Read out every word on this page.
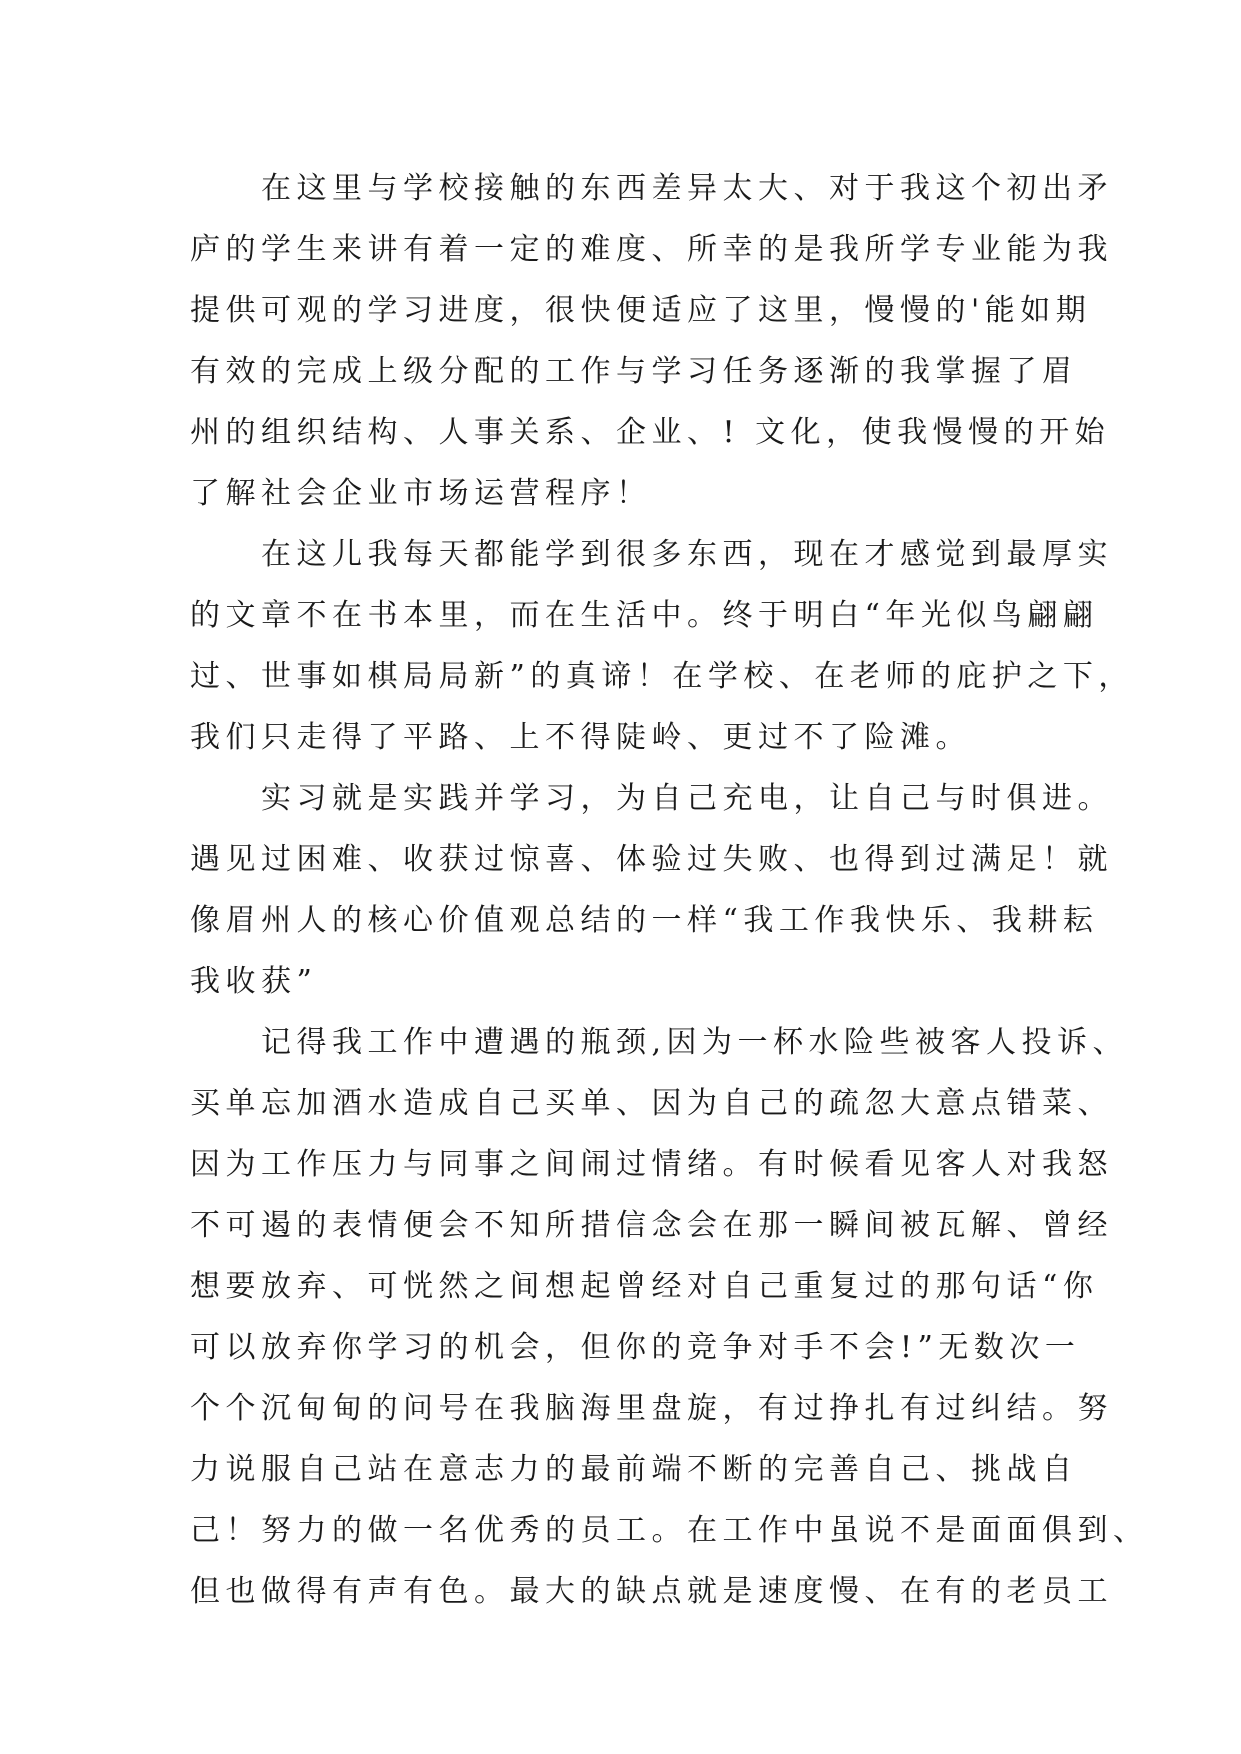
　　在这里与学校接触的东西差异太大、对于我这个初出矛
庐的学生来讲有着一定的难度、所幸的是我所学专业能为我
提供可观的学习进度，很快便适应了这里，慢慢的'能如期
有效的完成上级分配的工作与学习任务逐渐的我掌握了眉
州的组织结构、人事关系、企业、! 文化，使我慢慢的开始
了解社会企业市场运营程序！
　　在这儿我每天都能学到很多东西，现在才感觉到最厚实
的文章不在书本里，而在生活中。终于明白“年光似鸟翩翩
过、世事如棋局局新”的真谛！在学校、在老师的庇护之下，
我们只走得了平路、上不得陡岭、更过不了险滩。
　　实习就是实践并学习，为自己充电，让自己与时俱进。
遇见过困难、收获过惊喜、体验过失败、也得到过满足！就
像眉州人的核心价值观总结的一样“我工作我快乐、我耕耘
我收获”
　　记得我工作中遭遇的瓶颈,因为一杯水险些被客人投诉、
买单忘加酒水造成自己买单、因为自己的疏忽大意点错菜、
因为工作压力与同事之间闹过情绪。有时候看见客人对我怒
不可遏的表情便会不知所措信念会在那一瞬间被瓦解、曾经
想要放弃、可恍然之间想起曾经对自己重复过的那句话“你
可以放弃你学习的机会，但你的竞争对手不会!”无数次一
个个沉甸甸的问号在我脑海里盘旋，有过挣扎有过纠结。努
力说服自己站在意志力的最前端不断的完善自己、挑战自
己！努力的做一名优秀的员工。在工作中虽说不是面面俱到、
但也做得有声有色。最大的缺点就是速度慢、在有的老员工
